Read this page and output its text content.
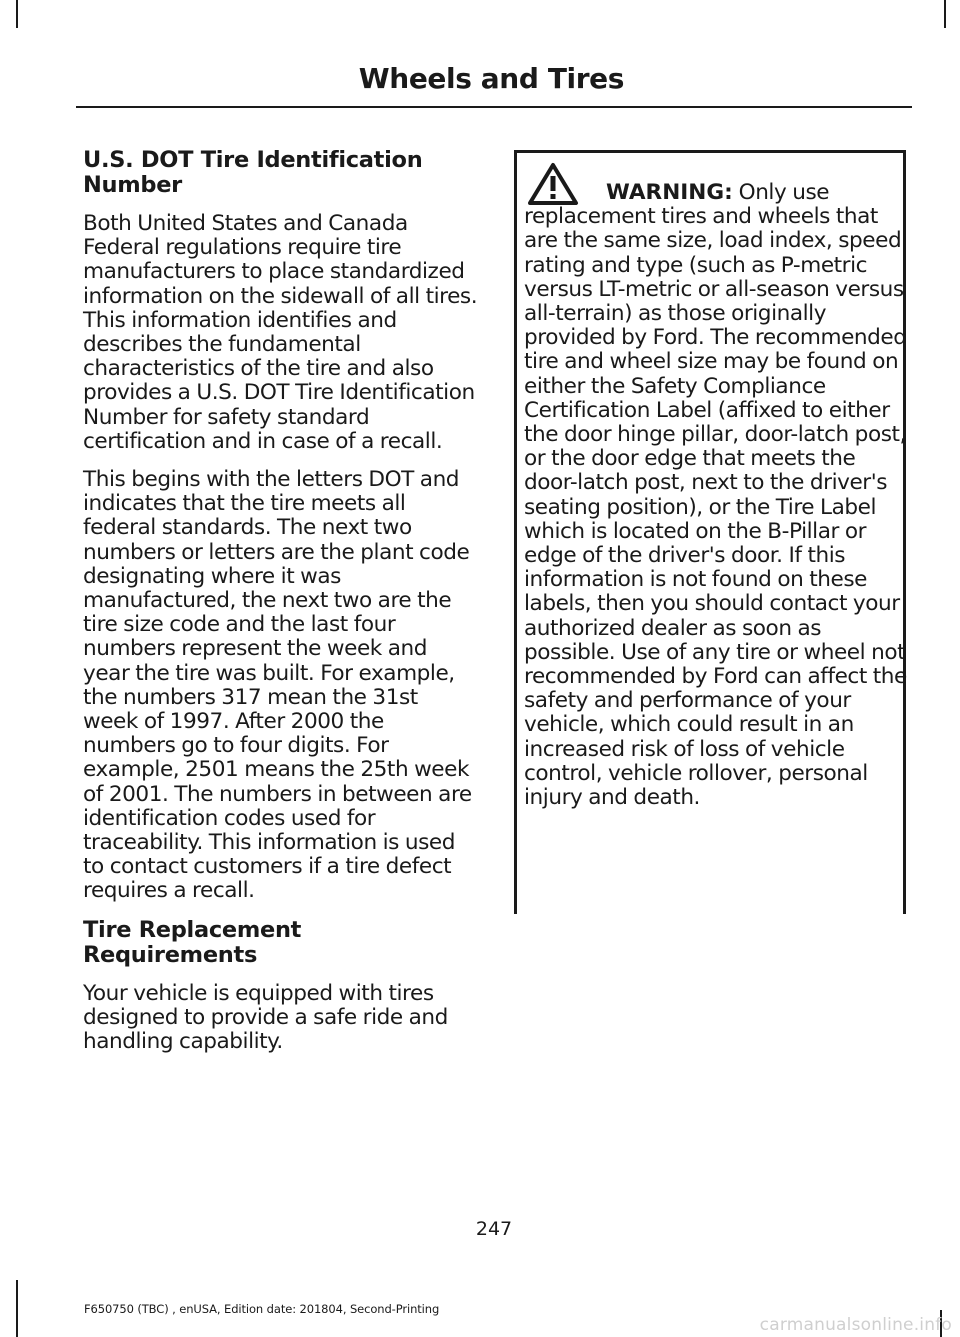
Wheels and Tires
U.S. DOT Tire Identification Number

Both United States and Canada Federal regulations require tire manufacturers to place standardized information on the sidewall of all tires. This information identifies and describes the fundamental characteristics of the tire and also provides a U.S. DOT Tire Identification Number for safety standard certification and in case of a recall.

This begins with the letters DOT and indicates that the tire meets all federal standards. The next two numbers or letters are the plant code designating where it was manufactured, the next two are the tire size code and the last four numbers represent the week and year the tire was built. For example, the numbers 317 mean the 31st week of 1997. After 2000 the numbers go to four digits. For example, 2501 means the 25th week of 2001. The numbers in between are identification codes used for traceability. This information is used to contact customers if a tire defect requires a recall.

Tire Replacement Requirements

Your vehicle is equipped with tires designed to provide a safe ride and handling capability.

WARNING: Only use replacement tires and wheels that are the same size, load index, speed rating and type (such as P-metric versus LT-metric or all-season versus all-terrain) as those originally provided by Ford. The recommended tire and wheel size may be found on either the Safety Compliance Certification Label (affixed to either the door hinge pillar, door-latch post, or the door edge that meets the door-latch post, next to the driver's seating position), or the Tire Label which is located on the B-Pillar or edge of the driver's door. If this information is not found on these labels, then you should contact your authorized dealer as soon as possible. Use of any tire or wheel not recommended by Ford can affect the safety and performance of your vehicle, which could result in an increased risk of loss of vehicle control, vehicle rollover, personal injury and death.

247
F650750 (TBC) , enUSA, Edition date: 201804, Second-Printing
carmanualsonline.info
